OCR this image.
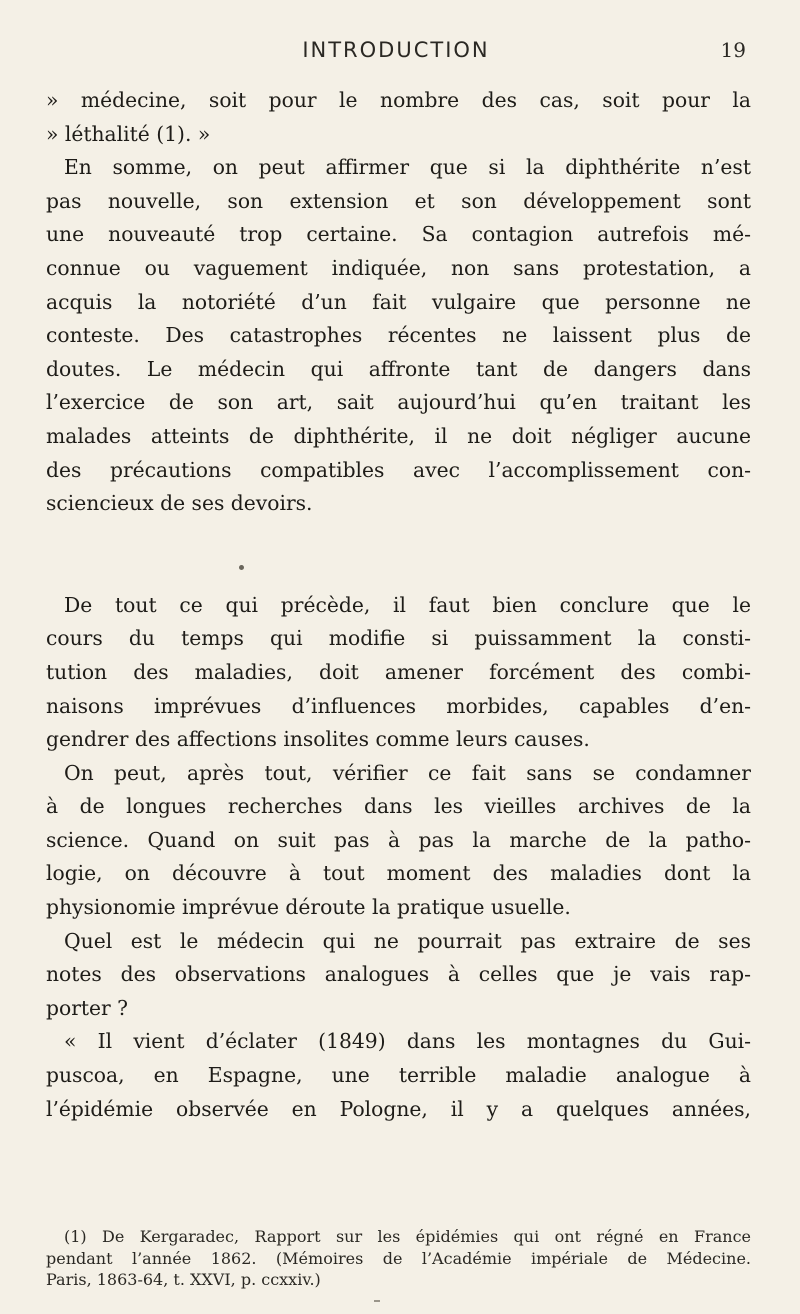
INTRODUCTION	19
» médecine, soit pour le nombre des cas, soit pour la
» léthalité (1). »
En somme, on peut affirmer que si la diphthérite n’est
pas nouvelle, son extension et son développement sont
une nouveauté trop certaine. Sa contagion autrefois mé-
connue ou vaguement indiquée, non sans protestation, a
acquis la notoriété d’un fait vulgaire que personne ne
conteste. Des catastrophes récentes ne laissent plus de
doutes. Le médecin qui affronte tant de dangers dans
l’exercice de son art, sait aujourd’hui qu’en traitant les
malades atteints de diphthérite, il ne doit négliger aucune
des précautions compatibles avec l’accomplissement con-
sciencieux de ses devoirs.
De tout ce qui précède, il faut bien conclure que le
cours du temps qui modifie si puissamment la consti-
tution des maladies, doit amener forcément des combi-
naisons imprévues d’influences morbides, capables d’en-
gendrer des affections insolites comme leurs causes.
On peut, après tout, vérifier ce fait sans se condamner
à de longues recherches dans les vieilles archives de la
science. Quand on suit pas à pas la marche de la patho-
logie, on découvre à tout moment des maladies dont la
physionomie imprévue déroute la pratique usuelle.
Quel est le médecin qui ne pourrait pas extraire de ses
notes des observations analogues à celles que je vais rap-
porter ?
« Il vient d’éclater (1849) dans les montagnes du Gui-
puscoa, en Espagne, une terrible maladie analogue à
l’épidémie observée en Pologne, il y a quelques années,
(1) De Kergaradec, Rapport sur les épidémies qui ont régné en France
pendant l’année 1862. (Mémoires de l’Académie impériale de Médecine.
Paris, 1863-64, t. XXVI, p. ccxxiv.)
